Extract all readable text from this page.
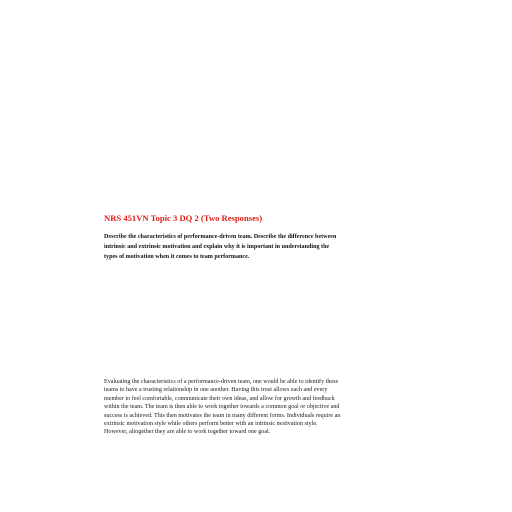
NRS 451VN Topic 3 DQ 2 (Two Responses)

Describe the characteristics of performance-driven team. Describe the difference between
intrinsic and extrinsic motivation and explain why it is important in understanding the
types of motivation when it comes to team performance.

Evaluating the characteristics of a performance-driven team, one would be able to identify these
teams to have a trusting relationship in one another. Having this trust allows each and every
member to feel comfortable, communicate their own ideas, and allow for growth and feedback
within the team. The team is then able to work together towards a common goal or objective and
success is achieved. This then motivates the team in many different forms. Individuals require an
extrinsic motivation style while others perform better with an intrinsic motivation style.
However, altogether they are able to work together toward one goal.
